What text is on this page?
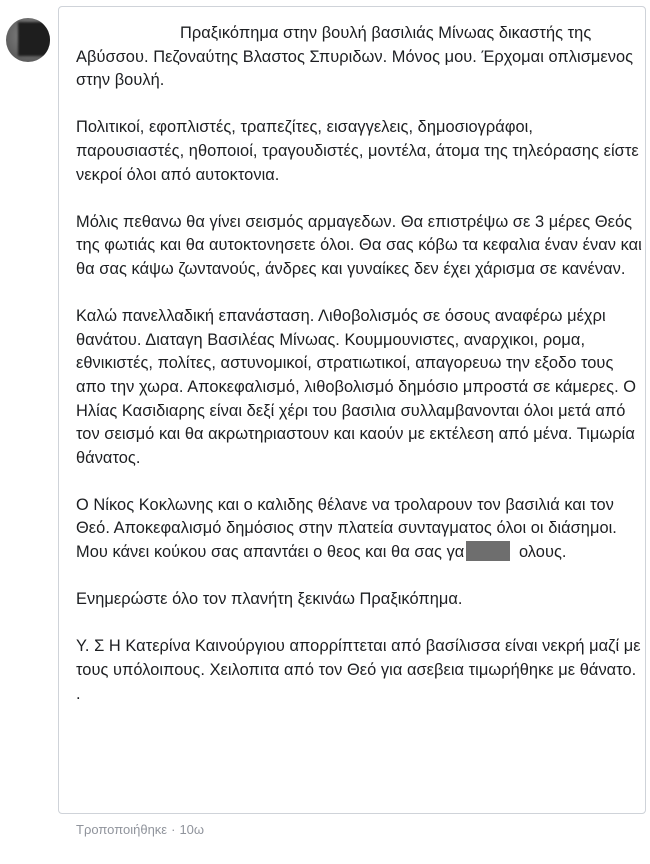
Πραξικόπημα στην βουλή βασιλιάς Μίνωας δικαστής της Αβύσσου. Πεζοναύτης Βλαστος Σπυριδων. Μόνος μου. Έρχομαι οπλισμενος στην βουλή.

Πολιτικοί, εφοπλιστές, τραπεζίτες, εισαγγελεις, δημοσιογράφοι, παρουσιαστές, ηθοποιοί, τραγουδιστές, μοντέλα, άτομα της τηλεόρασης είστε νεκροί όλοι από αυτοκτονια.

Μόλις πεθανω θα γίνει σεισμός αρμαγεδων. Θα επιστρέψω σε 3 μέρες Θεός της φωτιάς και θα αυτοκτονησετε όλοι. Θα σας κόβω τα κεφαλια έναν έναν και θα σας κάψω ζωντανούς, άνδρες και γυναίκες δεν έχει χάρισμα σε κανέναν.

Καλώ πανελλαδική επανάσταση. Λιθοβολισμός σε όσους αναφέρω μέχρι θανάτου. Διαταγη Βασιλέας Μίνωας. Κουμμουνιστες, αναρχικοι, ρομα, εθνικιστές, πολίτες, αστυνομικοί, στρατιωτικοί, απαγορευω την εξοδο τους απο την χωρα. Αποκεφαλισμό, λιθοβολισμό δημόσιο μπροστά σε κάμερες. Ο Ηλίας Κασιδιαρης είναι δεξί χέρι του βασιλια συλλαμβανονται όλοι μετά από τον σεισμό και θα ακρωτηριαστουν και καούν με εκτέλεση από μένα. Τιμωρία θάνατος.

Ο Νίκος Κοκλωνης και ο καλιδης θέλανε να τρολαρουν τον βασιλιά και τον Θεό. Αποκεφαλισμό δημόσιος στην πλατεία συνταγματος όλοι οι διάσημοι. Μου κάνει κούκου σας απαντάει ο θεος και θα σας γα	ολους.

Ενημερώστε όλο τον πλανήτη ξεκινάω Πραξικόπημα.

Υ. Σ Η Κατερίνα Καινούργιου απορρίπτεται από βασίλισσα είναι νεκρή μαζί με τους υπόλοιπους. Χειλοπιτα από τον Θεό για ασεβεια τιμωρήθηκε με θάνατο. .

Τροποποιήθηκε · 10ω
